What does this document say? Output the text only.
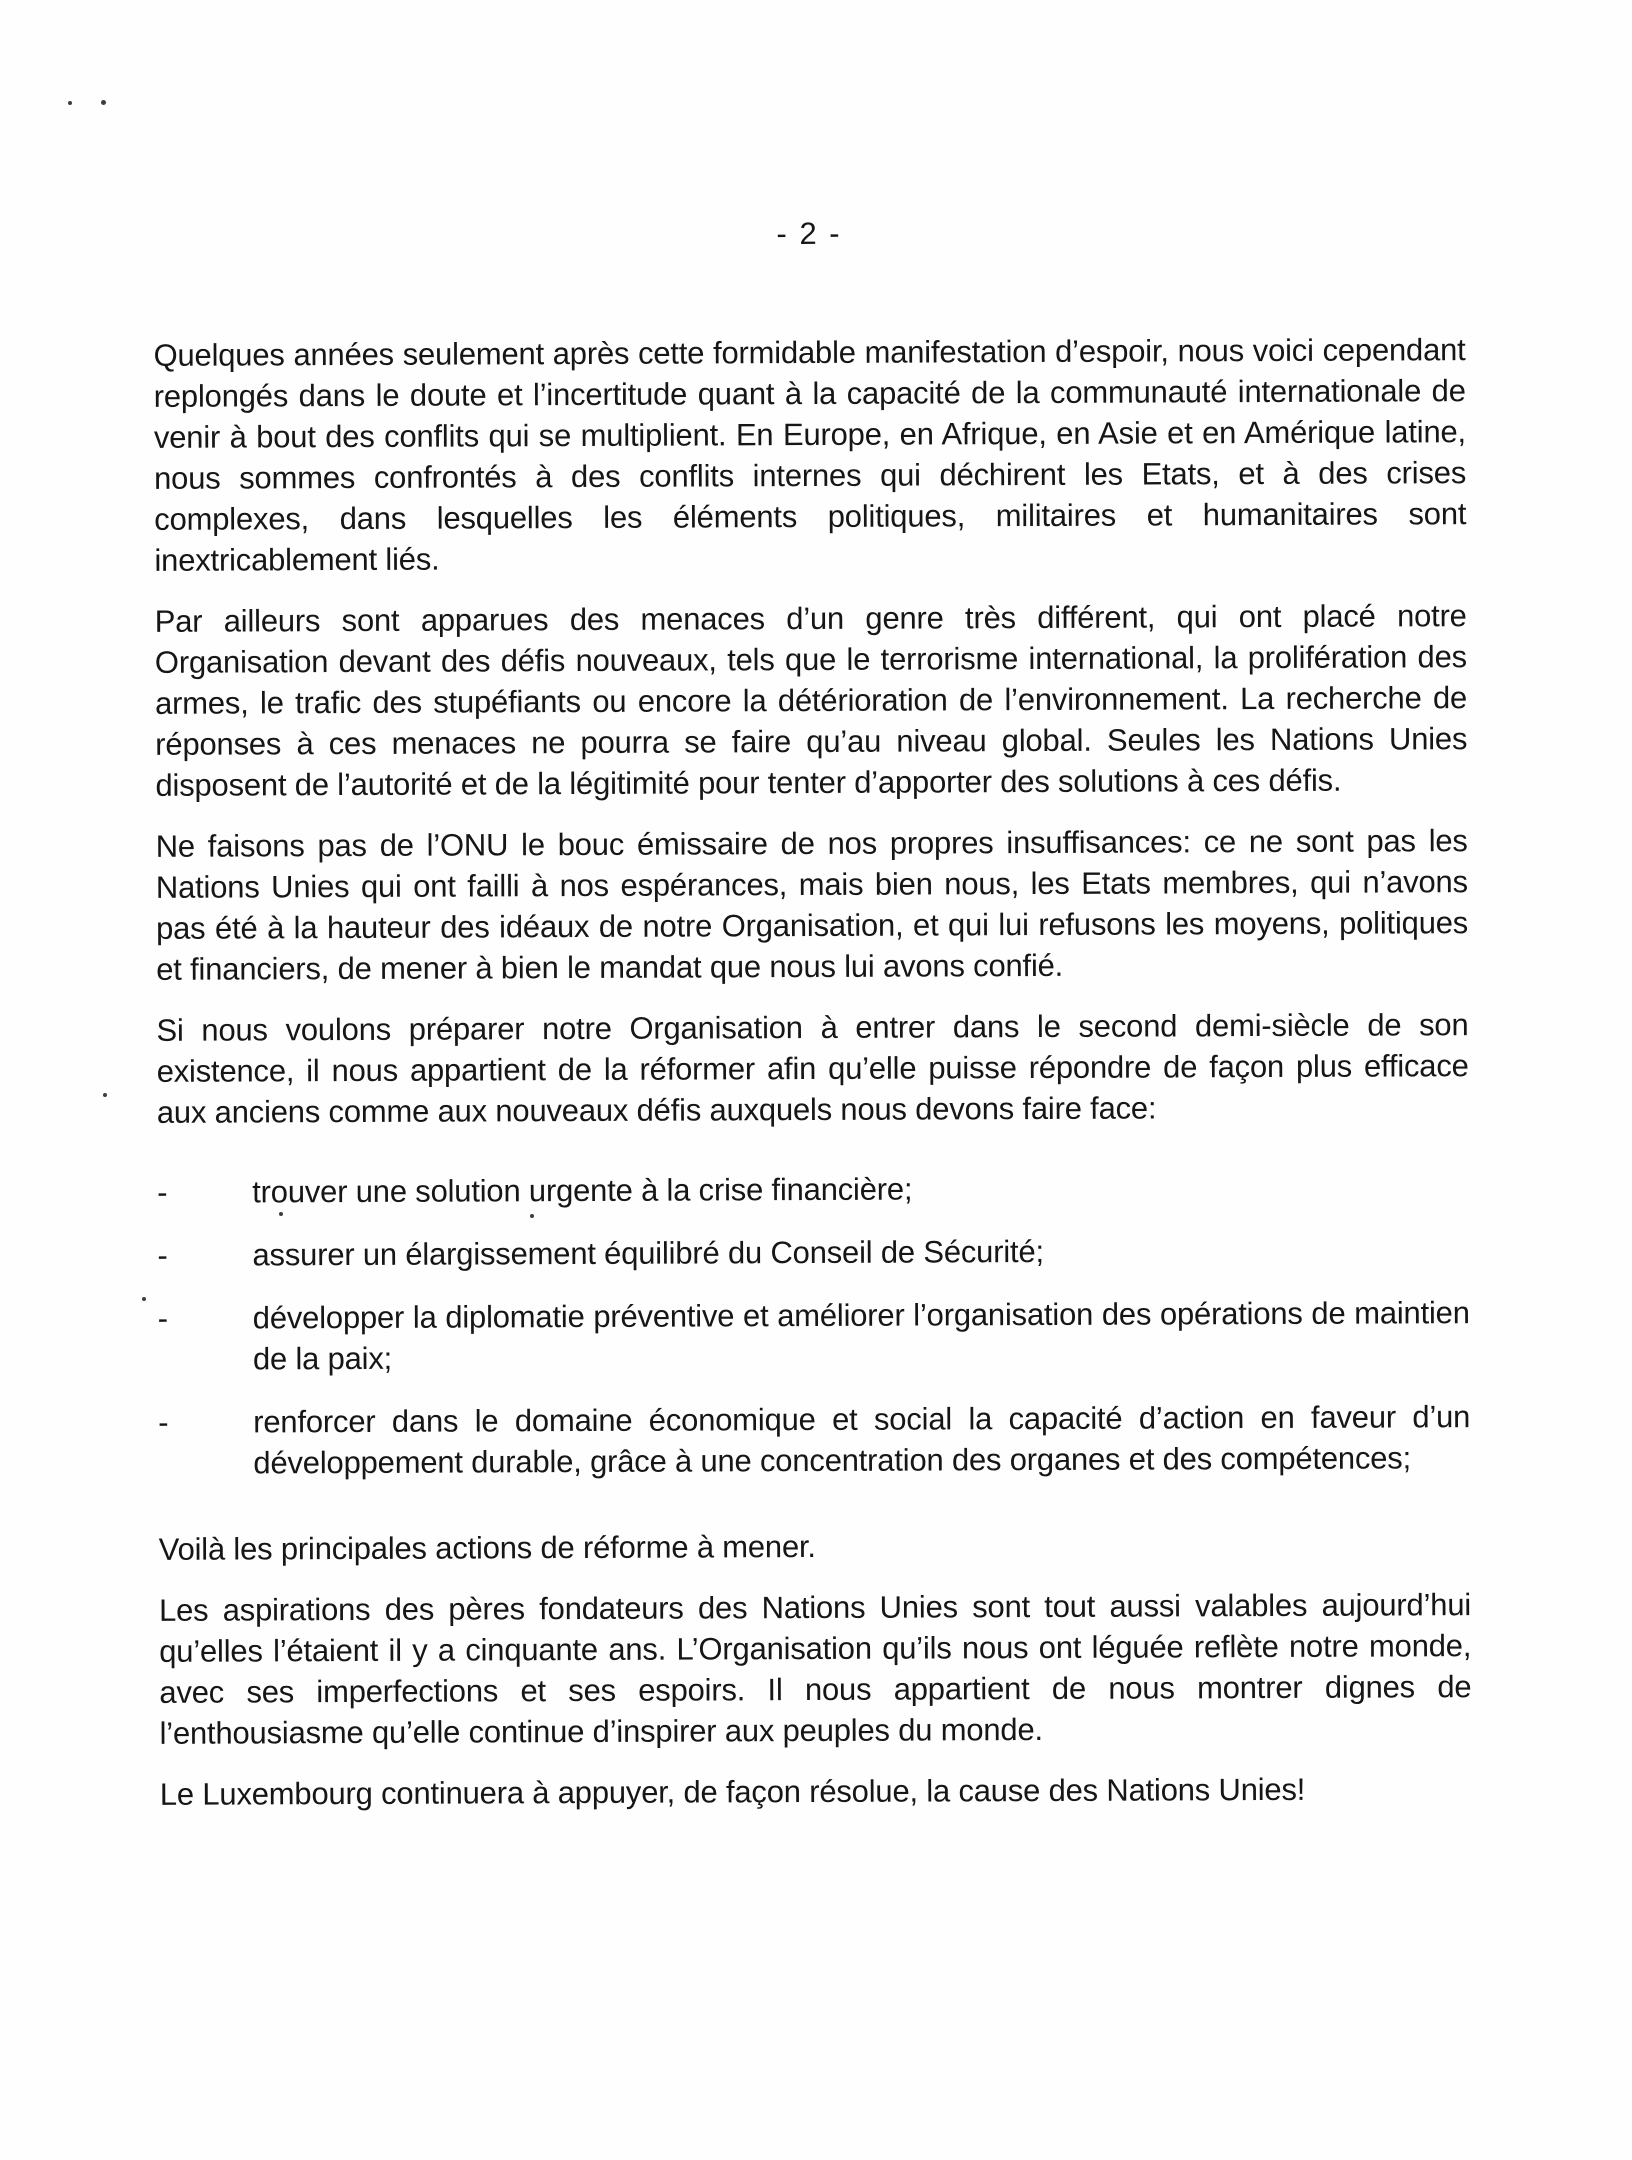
- 2 -

Quelques années seulement après cette formidable manifestation d’espoir, nous voici cependant replongés dans le doute et l’incertitude quant à la capacité de la communauté internationale de venir à bout des conflits qui se multiplient. En Europe, en Afrique, en Asie et en Amérique latine, nous sommes confrontés à des conflits internes qui déchirent les Etats, et à des crises complexes, dans lesquelles les éléments politiques, militaires et humanitaires sont inextricablement liés.

Par ailleurs sont apparues des menaces d’un genre très différent, qui ont placé notre Organisation devant des défis nouveaux, tels que le terrorisme international, la prolifération des armes, le trafic des stupéfiants ou encore la détérioration de l’environnement. La recherche de réponses à ces menaces ne pourra se faire qu’au niveau global. Seules les Nations Unies disposent de l’autorité et de la légitimité pour tenter d’apporter des solutions à ces défis.

Ne faisons pas de l’ONU le bouc émissaire de nos propres insuffisances: ce ne sont pas les Nations Unies qui ont failli à nos espérances, mais bien nous, les Etats membres, qui n’avons pas été à la hauteur des idéaux de notre Organisation, et qui lui refusons les moyens, politiques et financiers, de mener à bien le mandat que nous lui avons confié.

Si nous voulons préparer notre Organisation à entrer dans le second demi-siècle de son existence, il nous appartient de la réformer afin qu’elle puisse répondre de façon plus efficace aux anciens comme aux nouveaux défis auxquels nous devons faire face:

-	trouver une solution urgente à la crise financière;
-	assurer un élargissement équilibré du Conseil de Sécurité;
-	développer la diplomatie préventive et améliorer l’organisation des opérations de maintien de la paix;
-	renforcer dans le domaine économique et social la capacité d’action en faveur d’un développement durable, grâce à une concentration des organes et des compétences;

Voilà les principales actions de réforme à mener.

Les aspirations des pères fondateurs des Nations Unies sont tout aussi valables aujourd’hui qu’elles l’étaient il y a cinquante ans. L’Organisation qu’ils nous ont léguée reflète notre monde, avec ses imperfections et ses espoirs. Il nous appartient de nous montrer dignes de l’enthousiasme qu’elle continue d’inspirer aux peuples du monde.

Le Luxembourg continuera à appuyer, de façon résolue, la cause des Nations Unies!
